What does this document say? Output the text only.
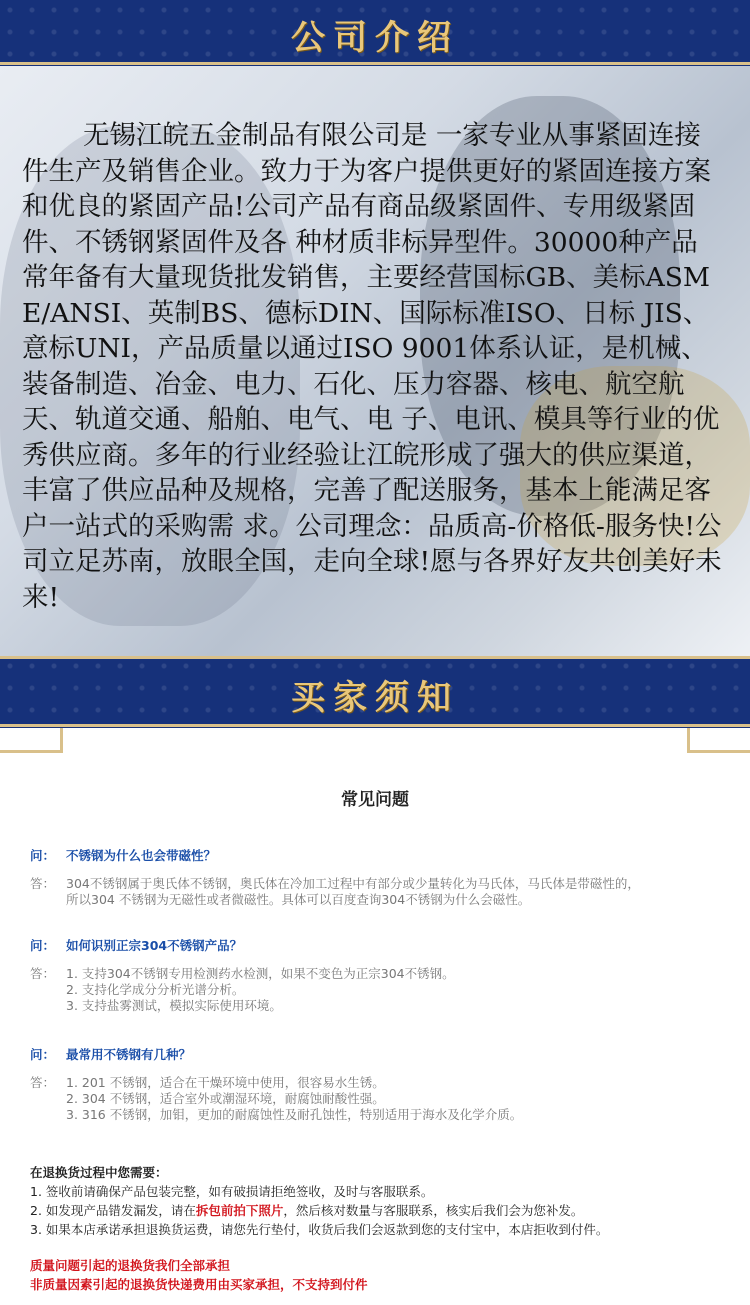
公司介绍

无锡江皖五金制品有限公司是 一家专业从事紧固连接件生产及销售企业。致力于为客户提供更好的紧固连接方案和优良的紧固产品!公司产品有商品级紧固件、专用级紧固件、不锈钢紧固件及各 种材质非标异型件。30000种产品常年备有大量现货批发销售，主要经营国标GB、美标ASME/ANSI、英制BS、德标DIN、国际标准ISO、日标 JIS、意标UNI，产品质量以通过ISO 9001体系认证，是机械、装备制造、冶金、电力、石化、压力容器、核电、航空航天、轨道交通、船舶、电气、电 子、电讯、模具等行业的优秀供应商。多年的行业经验让江皖形成了强大的供应渠道，丰富了供应品种及规格，完善了配送服务，基本上能满足客户一站式的采购需 求。公司理念：品质高-价格低-服务快!公司立足苏南，放眼全国，走向全球!愿与各界好友共创美好未来!

买家须知
常见问题
问： 不锈钢为什么也会带磁性？
答： 304不锈钢属于奥氏体不锈钢，奥氏体在冷加工过程中有部分或少量转化为马氏体，马氏体是带磁性的，
所以304 不锈钢为无磁性或者微磁性。具体可以百度查询304不锈钢为什么会磁性。
问： 如何识别正宗304不锈钢产品？
答： 1. 支持304不锈钢专用检测药水检测，如果不变色为正宗304不锈钢。
2. 支持化学成分分析光谱分析。
3. 支持盐雾测试，模拟实际使用环境。
问： 最常用不锈钢有几种？
答： 1. 201 不锈钢，适合在干燥环境中使用，很容易水生锈。
2. 304 不锈钢，适合室外或潮湿环境，耐腐蚀耐酸性强。
3. 316 不锈钢，加钼，更加的耐腐蚀性及耐孔蚀性，特别适用于海水及化学介质。
在退换货过程中您需要：
1. 签收前请确保产品包装完整，如有破损请拒绝签收，及时与客服联系。
2. 如发现产品错发漏发，请在拆包前拍下照片，然后核对数量与客服联系，核实后我们会为您补发。
3. 如果本店承诺承担退换货运费，请您先行垫付，收货后我们会返款到您的支付宝中，本店拒收到付件。
质量问题引起的退换货我们全部承担
非质量因素引起的退换货快递费用由买家承担，不支持到付件
